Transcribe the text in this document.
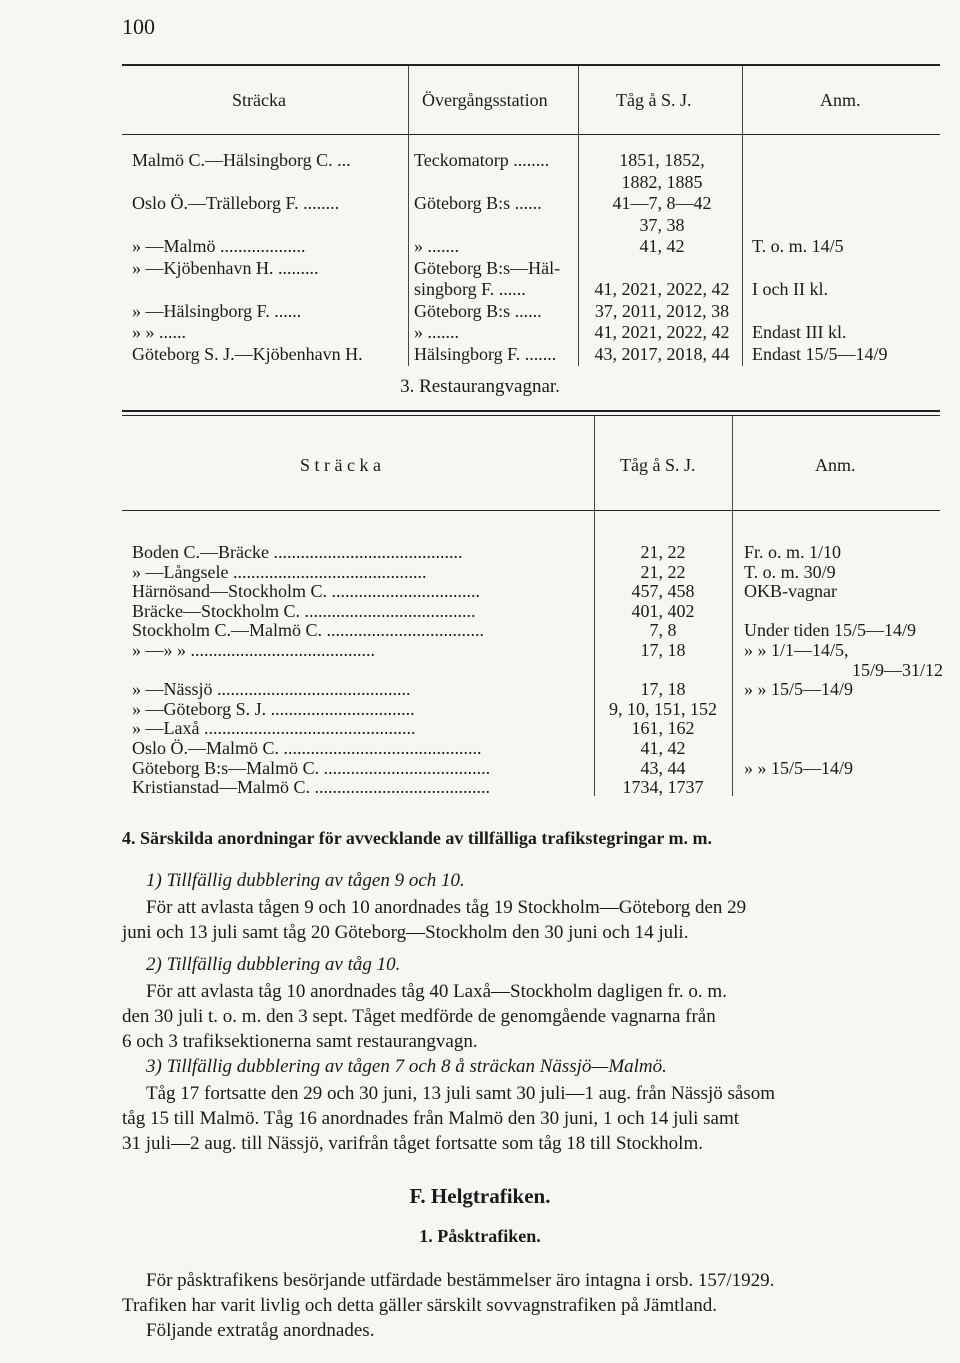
100
Sträcka	Övergångsstation	Tåg å S. J.	Anm.
Malmö C.—Hälsingborg C. ...	Teckomatorp ........	1851, 1852,
1882, 1885
Oslo Ö.—Trälleborg F. ........	Göteborg B:s ......	41—7, 8—42
37, 38
» —Malmö ...................	» .......	41, 42	T. o. m. 14/5
» —Kjöbenhavn H. .........	Göteborg B:s—Häl-
singborg F. ......	41, 2021, 2022, 42	I och II kl.
» —Hälsingborg F. ......	Göteborg B:s ......	37, 2011, 2012, 38
» » ......	» .......	41, 2021, 2022, 42	Endast III kl.
Göteborg S. J.—Kjöbenhavn H.	Hälsingborg F. .......	43, 2017, 2018, 44	Endast 15/5—14/9
3. Restaurangvagnar.
S t r ä c k a	Tåg å S. J.	Anm.
Boden C.—Bräcke ..........................................	21, 22	Fr. o. m. 1/10
» —Långsele ...........................................	21, 22	T. o. m. 30/9
Härnösand—Stockholm C. .................................	457, 458	OKB-vagnar
Bräcke—Stockholm C. ......................................	401, 402
Stockholm C.—Malmö C. ...................................	7, 8	Under tiden 15/5—14/9
» —» » .........................................	17, 18	» » 1/1—14/5,
15/9—31/12
» —Nässjö ...........................................	17, 18	» » 15/5—14/9
» —Göteborg S. J. ................................	9, 10, 151, 152
» —Laxå ...............................................	161, 162
Oslo Ö.—Malmö C. ............................................	41, 42
Göteborg B:s—Malmö C. .....................................	43, 44	» » 15/5—14/9
Kristianstad—Malmö C. .......................................	1734, 1737
4. Särskilda anordningar för avvecklande av tillfälliga trafikstegringar m. m.
1) Tillfällig dubblering av tågen 9 och 10.
För att avlasta tågen 9 och 10 anordnades tåg 19 Stockholm—Göteborg den 29
juni och 13 juli samt tåg 20 Göteborg—Stockholm den 30 juni och 14 juli.
2) Tillfällig dubblering av tåg 10.
För att avlasta tåg 10 anordnades tåg 40 Laxå—Stockholm dagligen fr. o. m.
den 30 juli t. o. m. den 3 sept. Tåget medförde de genomgående vagnarna från
6 och 3 trafiksektionerna samt restaurangvagn.
3) Tillfällig dubblering av tågen 7 och 8 å sträckan Nässjö—Malmö.
Tåg 17 fortsatte den 29 och 30 juni, 13 juli samt 30 juli—1 aug. från Nässjö såsom
tåg 15 till Malmö. Tåg 16 anordnades från Malmö den 30 juni, 1 och 14 juli samt
31 juli—2 aug. till Nässjö, varifrån tåget fortsatte som tåg 18 till Stockholm.
F. Helgtrafiken.
1. Påsktrafiken.
För påsktrafikens besörjande utfärdade bestämmelser äro intagna i orsb. 157/1929.
Trafiken har varit livlig och detta gäller särskilt sovvagnstrafiken på Jämtland.
Följande extratåg anordnades.
